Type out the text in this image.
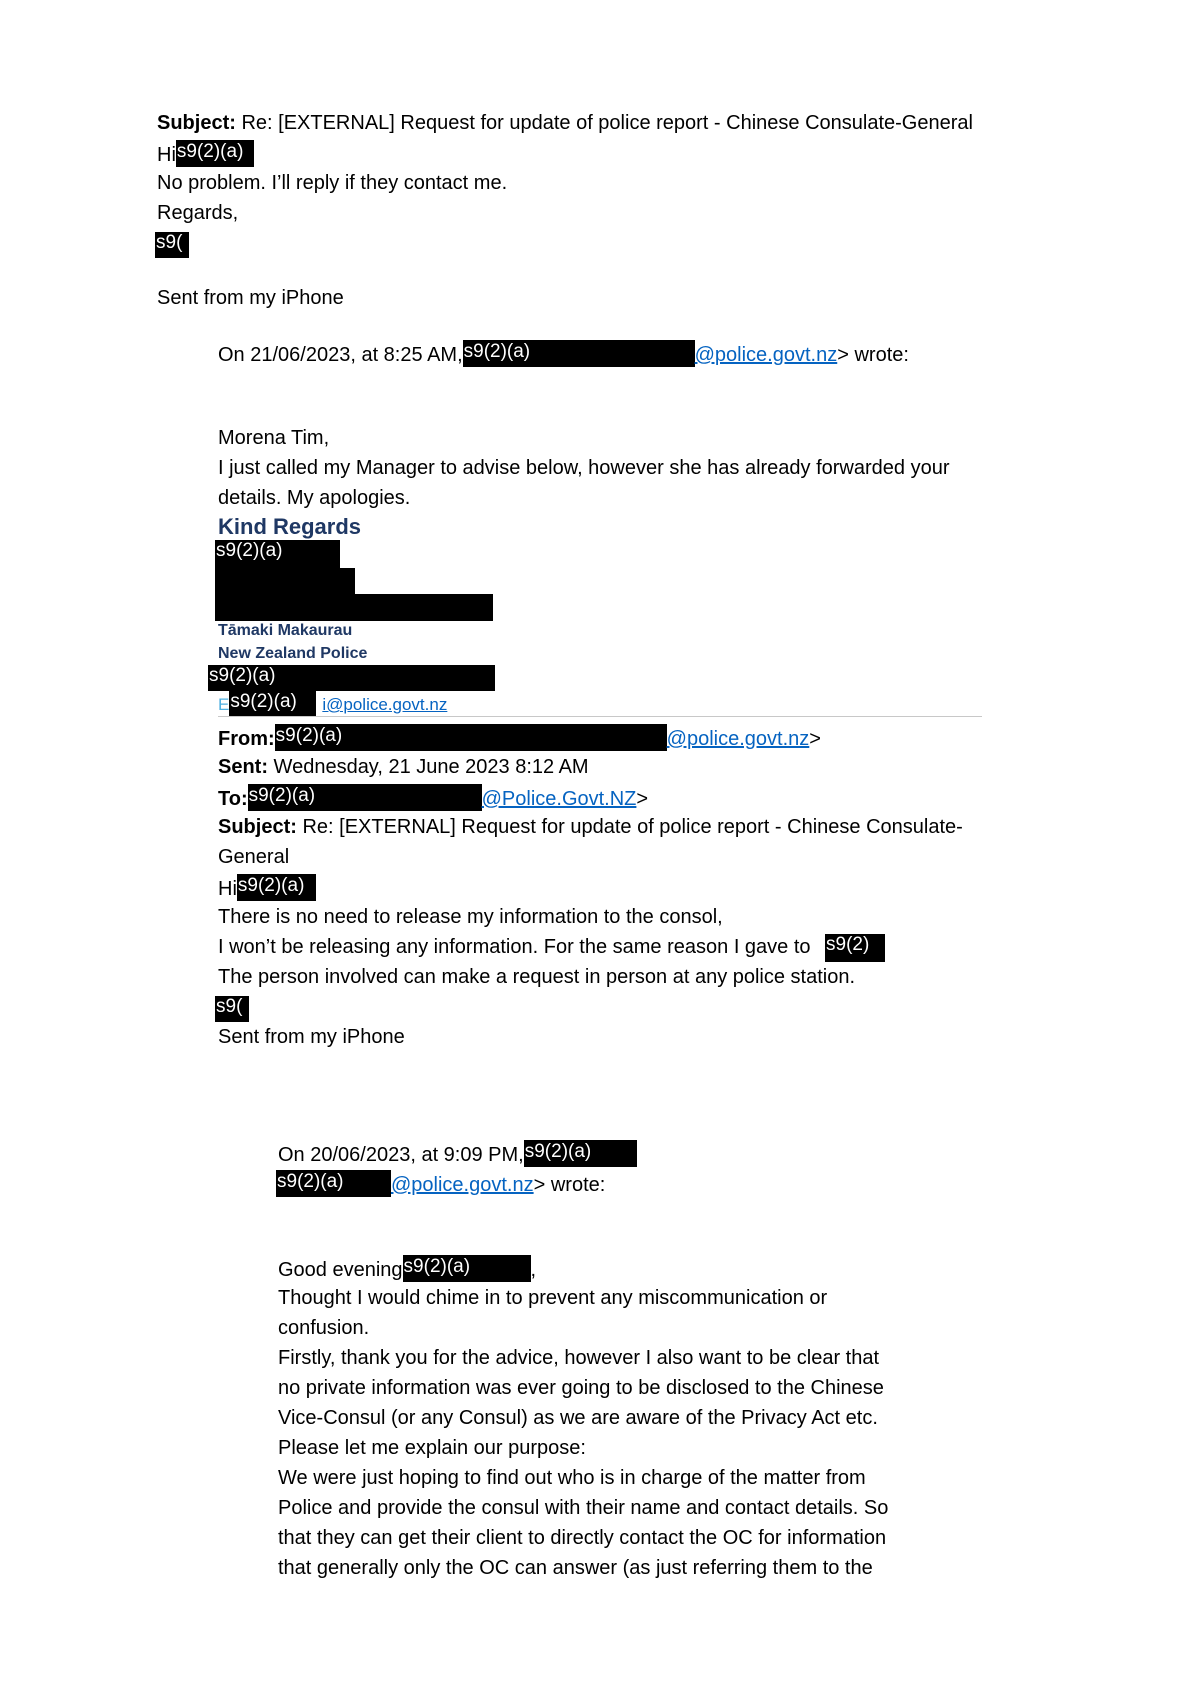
Subject: Re: [EXTERNAL] Request for update of police report - Chinese Consulate-General
His9(2)(a)
No problem. I’ll reply if they contact me.
Regards,
s9(
Sent from my iPhone
On 21/06/2023, at 8:25 AM,s9(2)(a)	@police.govt.nz> wrote:
Morena Tim,
I just called my Manager to advise below, however she has already forwarded your
details. My apologies.
Kind Regards
s9(2)(a)
Tāmaki Makaurau
New Zealand Police
s9(2)(a)
Es9(2)(a) i@police.govt.nz
From:s9(2)(a)	@police.govt.nz>
Sent: Wednesday, 21 June 2023 8:12 AM
To:s9(2)(a)	@Police.Govt.NZ>
Subject: Re: [EXTERNAL] Request for update of police report - Chinese Consulate-
General
His9(2)(a)
There is no need to release my information to the consol,
I won’t be releasing any information. For the same reason I gave to s9(2)
The person involved can make a request in person at any police station.
s9(
Sent from my iPhone
On 20/06/2023, at 9:09 PM,s9(2)(a)
s9(2)(a) @police.govt.nz> wrote:
Good evenings9(2)(a)	,
Thought I would chime in to prevent any miscommunication or
confusion.
Firstly, thank you for the advice, however I also want to be clear that
no private information was ever going to be disclosed to the Chinese
Vice-Consul (or any Consul) as we are aware of the Privacy Act etc.
Please let me explain our purpose:
We were just hoping to find out who is in charge of the matter from
Police and provide the consul with their name and contact details. So
that they can get their client to directly contact the OC for information
that generally only the OC can answer (as just referring them to the
